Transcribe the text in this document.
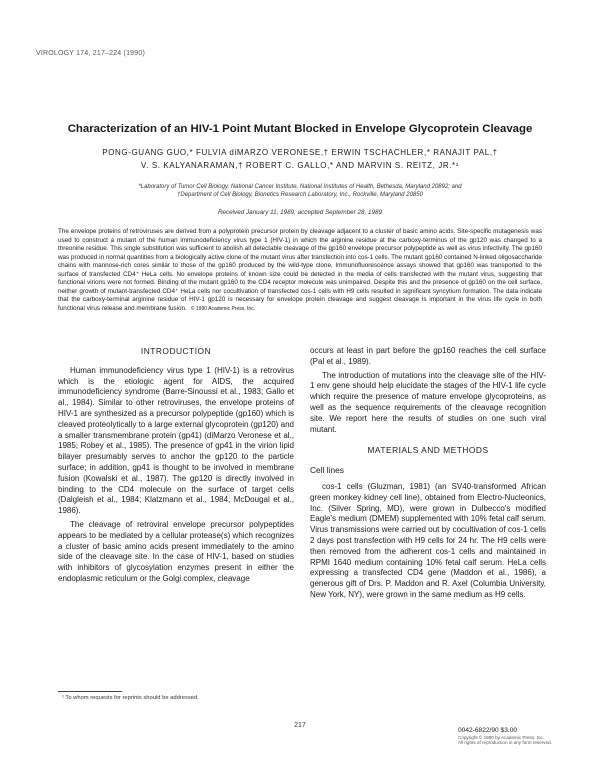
VIROLOGY 174, 217–224 (1990)
Characterization of an HIV-1 Point Mutant Blocked in Envelope Glycoprotein Cleavage
PONG-GUANG GUO,* FULVIA diMARZO VERONESE,† ERWIN TSCHACHLER,* RANAJIT PAL,†
V. S. KALYANARAMAN,† ROBERT C. GALLO,* AND MARVIN S. REITZ, JR.*¹
*Laboratory of Tumor Cell Biology, National Cancer Institute, National Institutes of Health, Bethesda, Maryland 20892; and
†Department of Cell Biology, Bionetics Research Laboratory, Inc., Rockville, Maryland 20850
Received January 11, 1989; accepted September 28, 1989
The envelope proteins of retroviruses are derived from a polyprotein precursor protein by cleavage adjacent to a cluster of basic amino acids. Site-specific mutagenesis was used to construct a mutant of the human immunodeficiency virus type 1 (HIV-1) in which the arginine residue at the carboxy-terminus of the gp120 was changed to a threonine residue. This single substitution was sufficient to abolish all detectable cleavage of the gp160 envelope precursor polypeptide as well as virus infectivity. The gp160 was produced in normal quantities from a biologically active clone of the mutant virus after transfection into cos-1 cells. The mutant gp160 contained N-linked oligosaccharide chains with mannose-rich cores similar to those of the gp160 produced by the wild-type clone. Immunofluorescence assays showed that gp160 was transported to the surface of transfected CD4⁺ HeLa cells. No envelope proteins of known size could be detected in the media of cells transfected with the mutant virus, suggesting that functional virions were not formed. Binding of the mutant gp160 to the CD4 receptor molecule was unimpaired. Despite this and the presence of gp160 on the cell surface, neither growth of mutant-transfected CD4⁺ HeLa cells nor cocultivation of transfected cos-1 cells with H9 cells resulted in significant syncytium formation. The data indicate that the carboxy-terminal arginine residue of HIV-1 gp120 is necessary for envelope protein cleavage and suggest cleavage is important in the virus life cycle in both functional virus release and membrane fusion. © 1990 Academic Press, Inc.
INTRODUCTION

Human immunodeficiency virus type 1 (HIV-1) is a retrovirus which is the etiologic agent for AIDS, the acquired immunodeficiency syndrome (Barre-Sinoussi et al., 1983; Gallo et al., 1984). Similar to other retroviruses, the envelope proteins of HIV-1 are synthesized as a precursor polypeptide (gp160) which is cleaved proteolytically to a large external glycoprotein (gp120) and a smaller transmembrane protein (gp41) (diMarzo Veronese et al., 1985; Robey et al., 1985). The presence of gp41 in the virion lipid bilayer presumably serves to anchor the gp120 to the particle surface; in addition, gp41 is thought to be involved in membrane fusion (Kowalski et al., 1987). The gp120 is directly involved in binding to the CD4 molecule on the surface of target cells (Dalgleish et al., 1984; Klatzmann et al., 1984; McDougal et al., 1986).

The cleavage of retroviral envelope precursor polypeptides appears to be mediated by a cellular protease(s) which recognizes a cluster of basic amino acids present immediately to the amino side of the cleavage site. In the case of HIV-1, based on studies with inhibitors of glycosylation enzymes present in either the endoplasmic reticulum or the Golgi complex, cleavage

occurs at least in part before the gp160 reaches the cell surface (Pal et al., 1989).

The introduction of mutations into the cleavage site of the HIV-1 env gene should help elucidate the stages of the HIV-1 life cycle which require the presence of mature envelope glycoproteins, as well as the sequence requirements of the cleavage recognition site. We report here the results of studies on one such viral mutant.

MATERIALS AND METHODS
Cell lines

cos-1 cells (Gluzman, 1981) (an SV40-transformed African green monkey kidney cell line), obtained from Electro-Nucleonics, Inc. (Silver Spring, MD), were grown in Dulbecco's modified Eagle's medium (DMEM) supplemented with 10% fetal calf serum. Virus transmissions were carried out by cocultivation of cos-1 cells 2 days post transfection with H9 cells for 24 hr. The H9 cells were then removed from the adherent cos-1 cells and maintained in RPMI 1640 medium containing 10% fetal calf serum. HeLa cells expressing a transfected CD4 gene (Maddon et al., 1986), a generous gift of Drs. P. Maddon and R. Axel (Columbia University, New York, NY), were grown in the same medium as H9 cells.

¹ To whom requests for reprints should be addressed.
217
0042-6822/90 $3.00
Copyright © 1990 by Academic Press, Inc.
All rights of reproduction in any form reserved.
